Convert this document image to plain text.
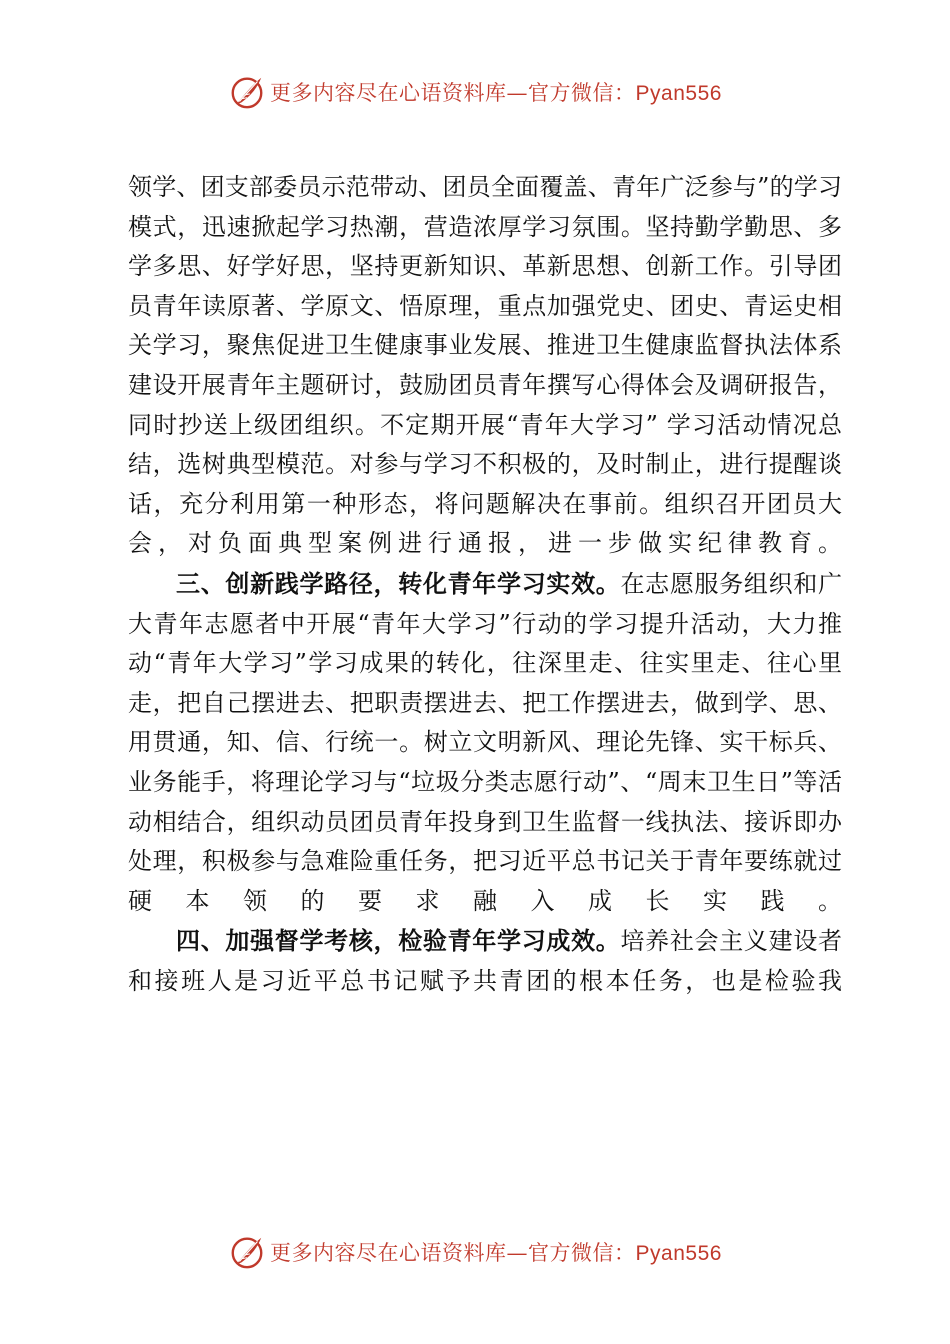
更多内容尽在心语资料库—官方微信：Pyan556

领学、团支部委员示范带动、团员全面覆盖、青年广泛参与”的学习模式，迅速掀起学习热潮，营造浓厚学习氛围。坚持勤学勤思、多学多思、好学好思，坚持更新知识、革新思想、创新工作。引导团员青年读原著、学原文、悟原理，重点加强党史、团史、青运史相关学习，聚焦促进卫生健康事业发展、推进卫生健康监督执法体系建设开展青年主题研讨，鼓励团员青年撰写心得体会及调研报告，同时抄送上级团组织。不定期开展“青年大学习” 学习活动情况总结，选树典型模范。对参与学习不积极的，及时制止，进行提醒谈话，充分利用第一种形态，将问题解决在事前。组织召开团员大会，对负面典型案例进行通报，进一步做实纪律教育。

三、创新践学路径，转化青年学习实效。在志愿服务组织和广大青年志愿者中开展“青年大学习”行动的学习提升活动，大力推动“青年大学习”学习成果的转化，往深里走、往实里走、往心里走，把自己摆进去、把职责摆进去、把工作摆进去，做到学、思、用贯通，知、信、行统一。树立文明新风、理论先锋、实干标兵、业务能手，将理论学习与“垃圾分类志愿行动”、“周末卫生日”等活动相结合，组织动员团员青年投身到卫生监督一线执法、接诉即办处理，积极参与急难险重任务，把习近平总书记关于青年要练就过硬本领的要求融入成长实践。

四、加强督学考核，检验青年学习成效。培养社会主义建设者和接班人是习近平总书记赋予共青团的根本任务，也是检验我

更多内容尽在心语资料库—官方微信：Pyan556
